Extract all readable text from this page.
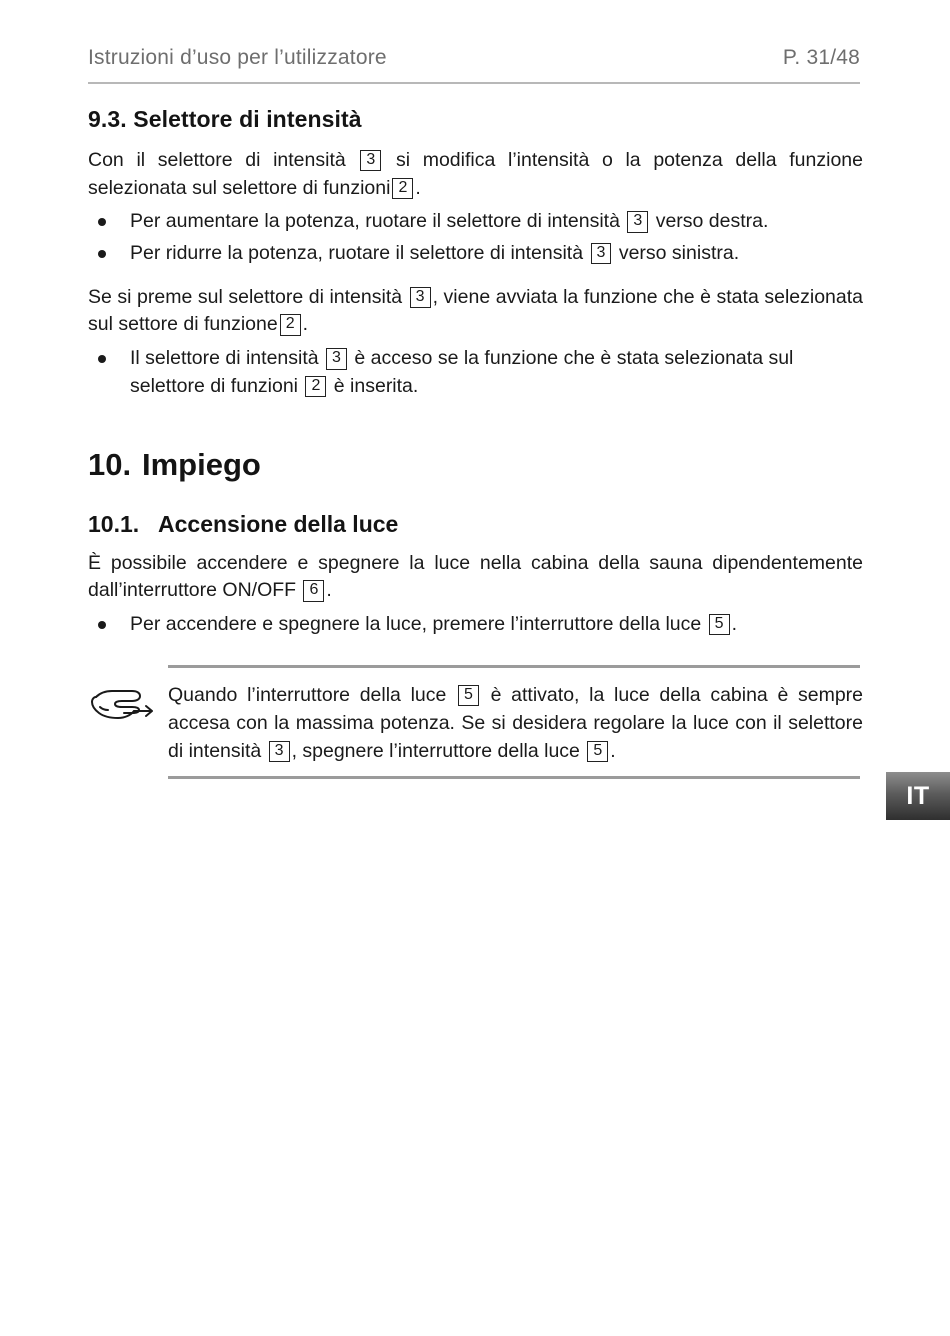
Istruzioni d’uso per l’utilizzatore	P. 31/48
9.3. Selettore di intensità

Con il selettore di intensità 3 si modifica l’intensità o la potenza della funzione selezionata sul selettore di funzioni 2 .

Per aumentare la potenza, ruotare il selettore di intensità 3 verso destra.
Per ridurre la potenza, ruotare il selettore di intensità 3 verso sinistra.

Se si preme sul selettore di intensità 3 , viene avviata la funzione che è stata selezionata sul settore di funzione 2 .

Il selettore di intensità 3 è acceso se la funzione che è stata selezionata sul selettore di funzioni 2 è inserita.
10. Impiego
10.1. Accensione della luce

È possibile accendere e spegnere la luce nella cabina della sauna dipendentemente dall’interruttore ON/OFF 6 .

Per accendere e spegnere la luce, premere l’interruttore della luce 5 .
Quando l’interruttore della luce 5 è attivato, la luce della cabina è sempre accesa con la massima potenza. Se si desidera regolare la luce con il selettore di intensità 3 , spegnere l’interruttore della luce 5 .
IT
